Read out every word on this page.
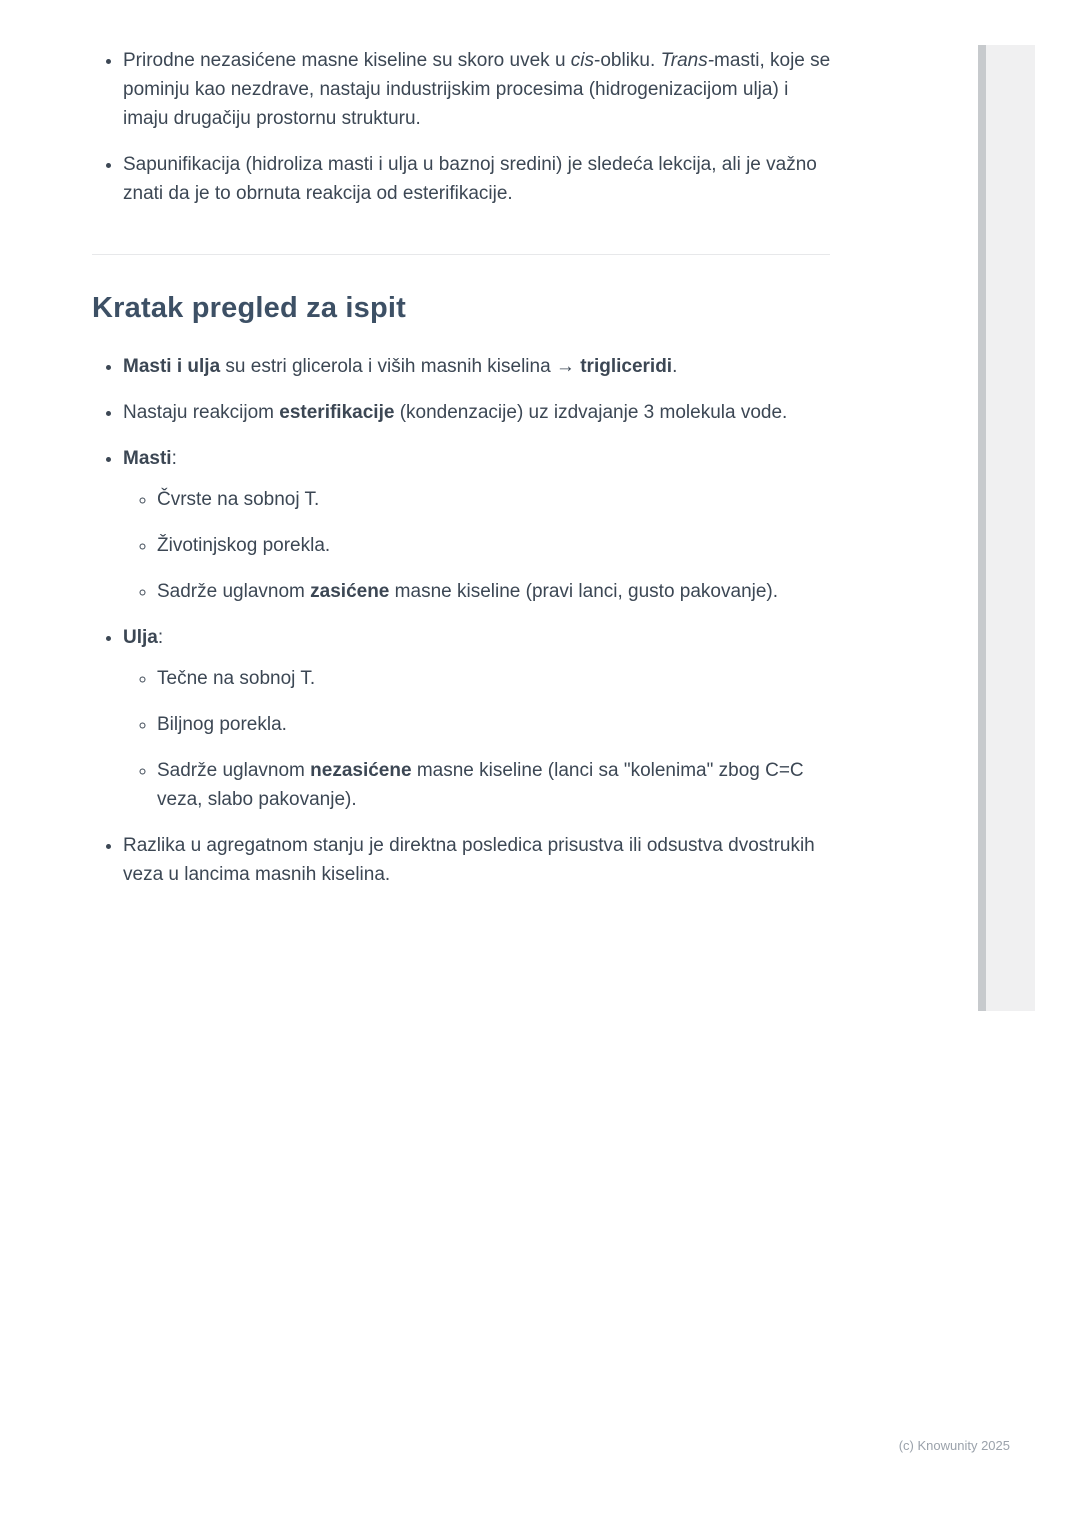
• Prirodne nezasićene masne kiseline su skoro uvek u cis-obliku. Trans-masti, koje se pominju kao nezdrave, nastaju industrijskim procesima (hidrogenizacijom ulja) i imaju drugačiju prostornu strukturu.
• Sapunifikacija (hidroliza masti i ulja u baznoj sredini) je sledeća lekcija, ali je važno znati da je to obrnuta reakcija od esterifikacije.
Kratak pregled za ispit
• Masti i ulja su estri glicerola i viših masnih kiselina → trigliceridi.
• Nastaju reakcijom esterifikacije (kondenzacije) uz izdvajanje 3 molekula vode.
• Masti:
◦ Čvrste na sobnoj T.
◦ Životinjskog porekla.
◦ Sadrže uglavnom zasićene masne kiseline (pravi lanci, gusto pakovanje).
• Ulja:
◦ Tečne na sobnoj T.
◦ Biljnog porekla.
◦ Sadrže uglavnom nezasićene masne kiseline (lanci sa "kolenima" zbog C=C veza, slabo pakovanje).
• Razlika u agregatnom stanju je direktna posledica prisustva ili odsustva dvostrukih veza u lancima masnih kiselina.
(c) Knowunity 2025
